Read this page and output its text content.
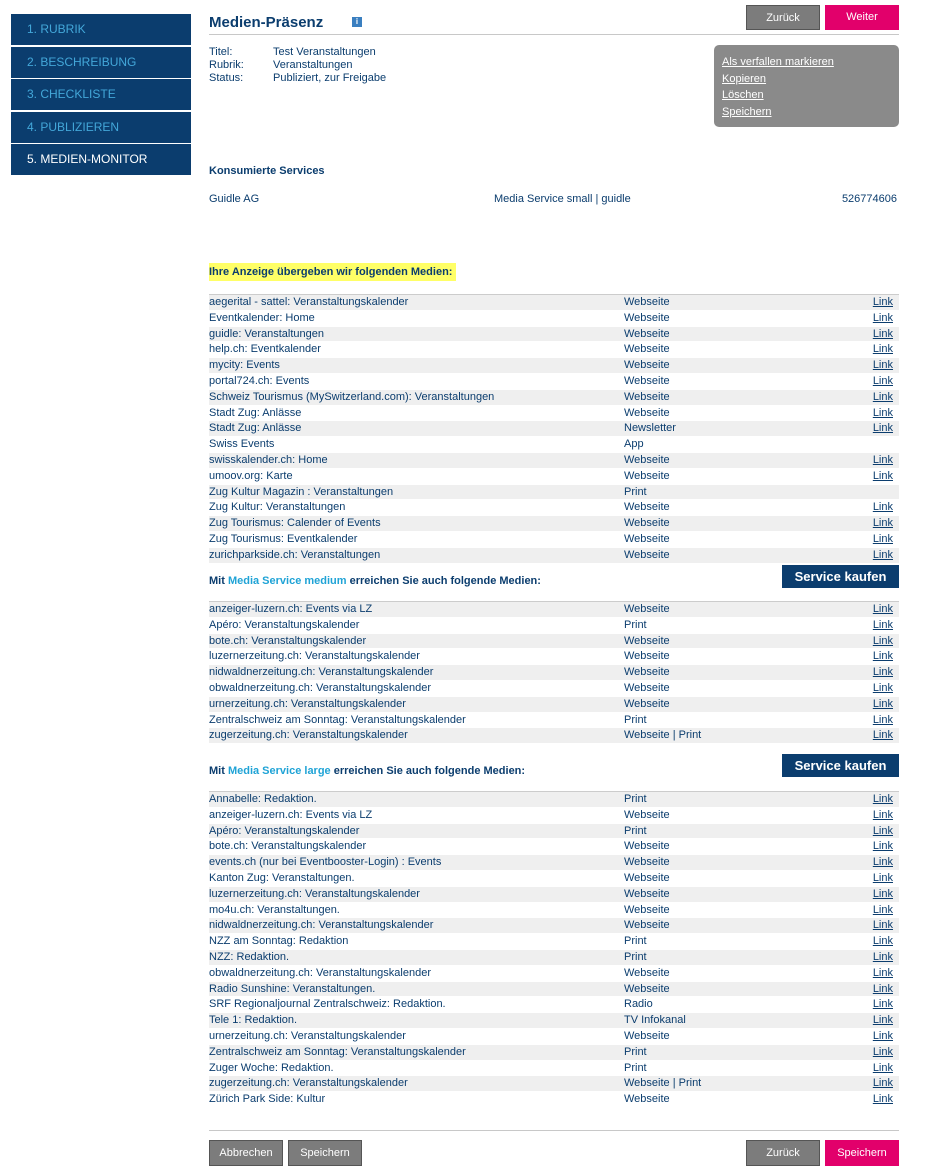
1. RUBRIK
2. BESCHREIBUNG
3. CHECKLISTE
4. PUBLIZIEREN
5. MEDIEN-MONITOR
Medien-Präsenz	i	Zurück	Weiter
Titel:	Test Veranstaltungen
Rubrik:	Veranstaltungen
Status:	Publiziert, zur Freigabe
Als verfallen markieren
Kopieren
Löschen
Speichern
Konsumierte Services
Guidle AG	Media Service small | guidle	526774606
Ihre Anzeige übergeben wir folgenden Medien:
aegerital - sattel: Veranstaltungskalender	Webseite	Link
Eventkalender: Home	Webseite	Link
guidle: Veranstaltungen	Webseite	Link
help.ch: Eventkalender	Webseite	Link
mycity: Events	Webseite	Link
portal724.ch: Events	Webseite	Link
Schweiz Tourismus (MySwitzerland.com): Veranstaltungen	Webseite	Link
Stadt Zug: Anlässe	Webseite	Link
Stadt Zug: Anlässe	Newsletter	Link
Swiss Events	App
swisskalender.ch: Home	Webseite	Link
umoov.org: Karte	Webseite	Link
Zug Kultur Magazin : Veranstaltungen	Print
Zug Kultur: Veranstaltungen	Webseite	Link
Zug Tourismus: Calender of Events	Webseite	Link
Zug Tourismus: Eventkalender	Webseite	Link
zurichparkside.ch: Veranstaltungen	Webseite	Link
Mit Media Service medium erreichen Sie auch folgende Medien:	Service kaufen
anzeiger-luzern.ch: Events via LZ	Webseite	Link
Apéro: Veranstaltungskalender	Print	Link
bote.ch: Veranstaltungskalender	Webseite	Link
luzernerzeitung.ch: Veranstaltungskalender	Webseite	Link
nidwaldnerzeitung.ch: Veranstaltungskalender	Webseite	Link
obwaldnerzeitung.ch: Veranstaltungskalender	Webseite	Link
urnerzeitung.ch: Veranstaltungskalender	Webseite	Link
Zentralschweiz am Sonntag: Veranstaltungskalender	Print	Link
zugerzeitung.ch: Veranstaltungskalender	Webseite | Print	Link
Mit Media Service large erreichen Sie auch folgende Medien:	Service kaufen
Annabelle: Redaktion.	Print	Link
anzeiger-luzern.ch: Events via LZ	Webseite	Link
Apéro: Veranstaltungskalender	Print	Link
bote.ch: Veranstaltungskalender	Webseite	Link
events.ch (nur bei Eventbooster-Login) : Events	Webseite	Link
Kanton Zug: Veranstaltungen.	Webseite	Link
luzernerzeitung.ch: Veranstaltungskalender	Webseite	Link
mo4u.ch: Veranstaltungen.	Webseite	Link
nidwaldnerzeitung.ch: Veranstaltungskalender	Webseite	Link
NZZ am Sonntag: Redaktion	Print	Link
NZZ: Redaktion.	Print	Link
obwaldnerzeitung.ch: Veranstaltungskalender	Webseite	Link
Radio Sunshine: Veranstaltungen.	Webseite	Link
SRF Regionaljournal Zentralschweiz: Redaktion.	Radio	Link
Tele 1: Redaktion.	TV Infokanal	Link
urnerzeitung.ch: Veranstaltungskalender	Webseite	Link
Zentralschweiz am Sonntag: Veranstaltungskalender	Print	Link
Zuger Woche: Redaktion.	Print	Link
zugerzeitung.ch: Veranstaltungskalender	Webseite | Print	Link
Zürich Park Side: Kultur	Webseite	Link
Abbrechen	Speichern	Zurück	Speichern
